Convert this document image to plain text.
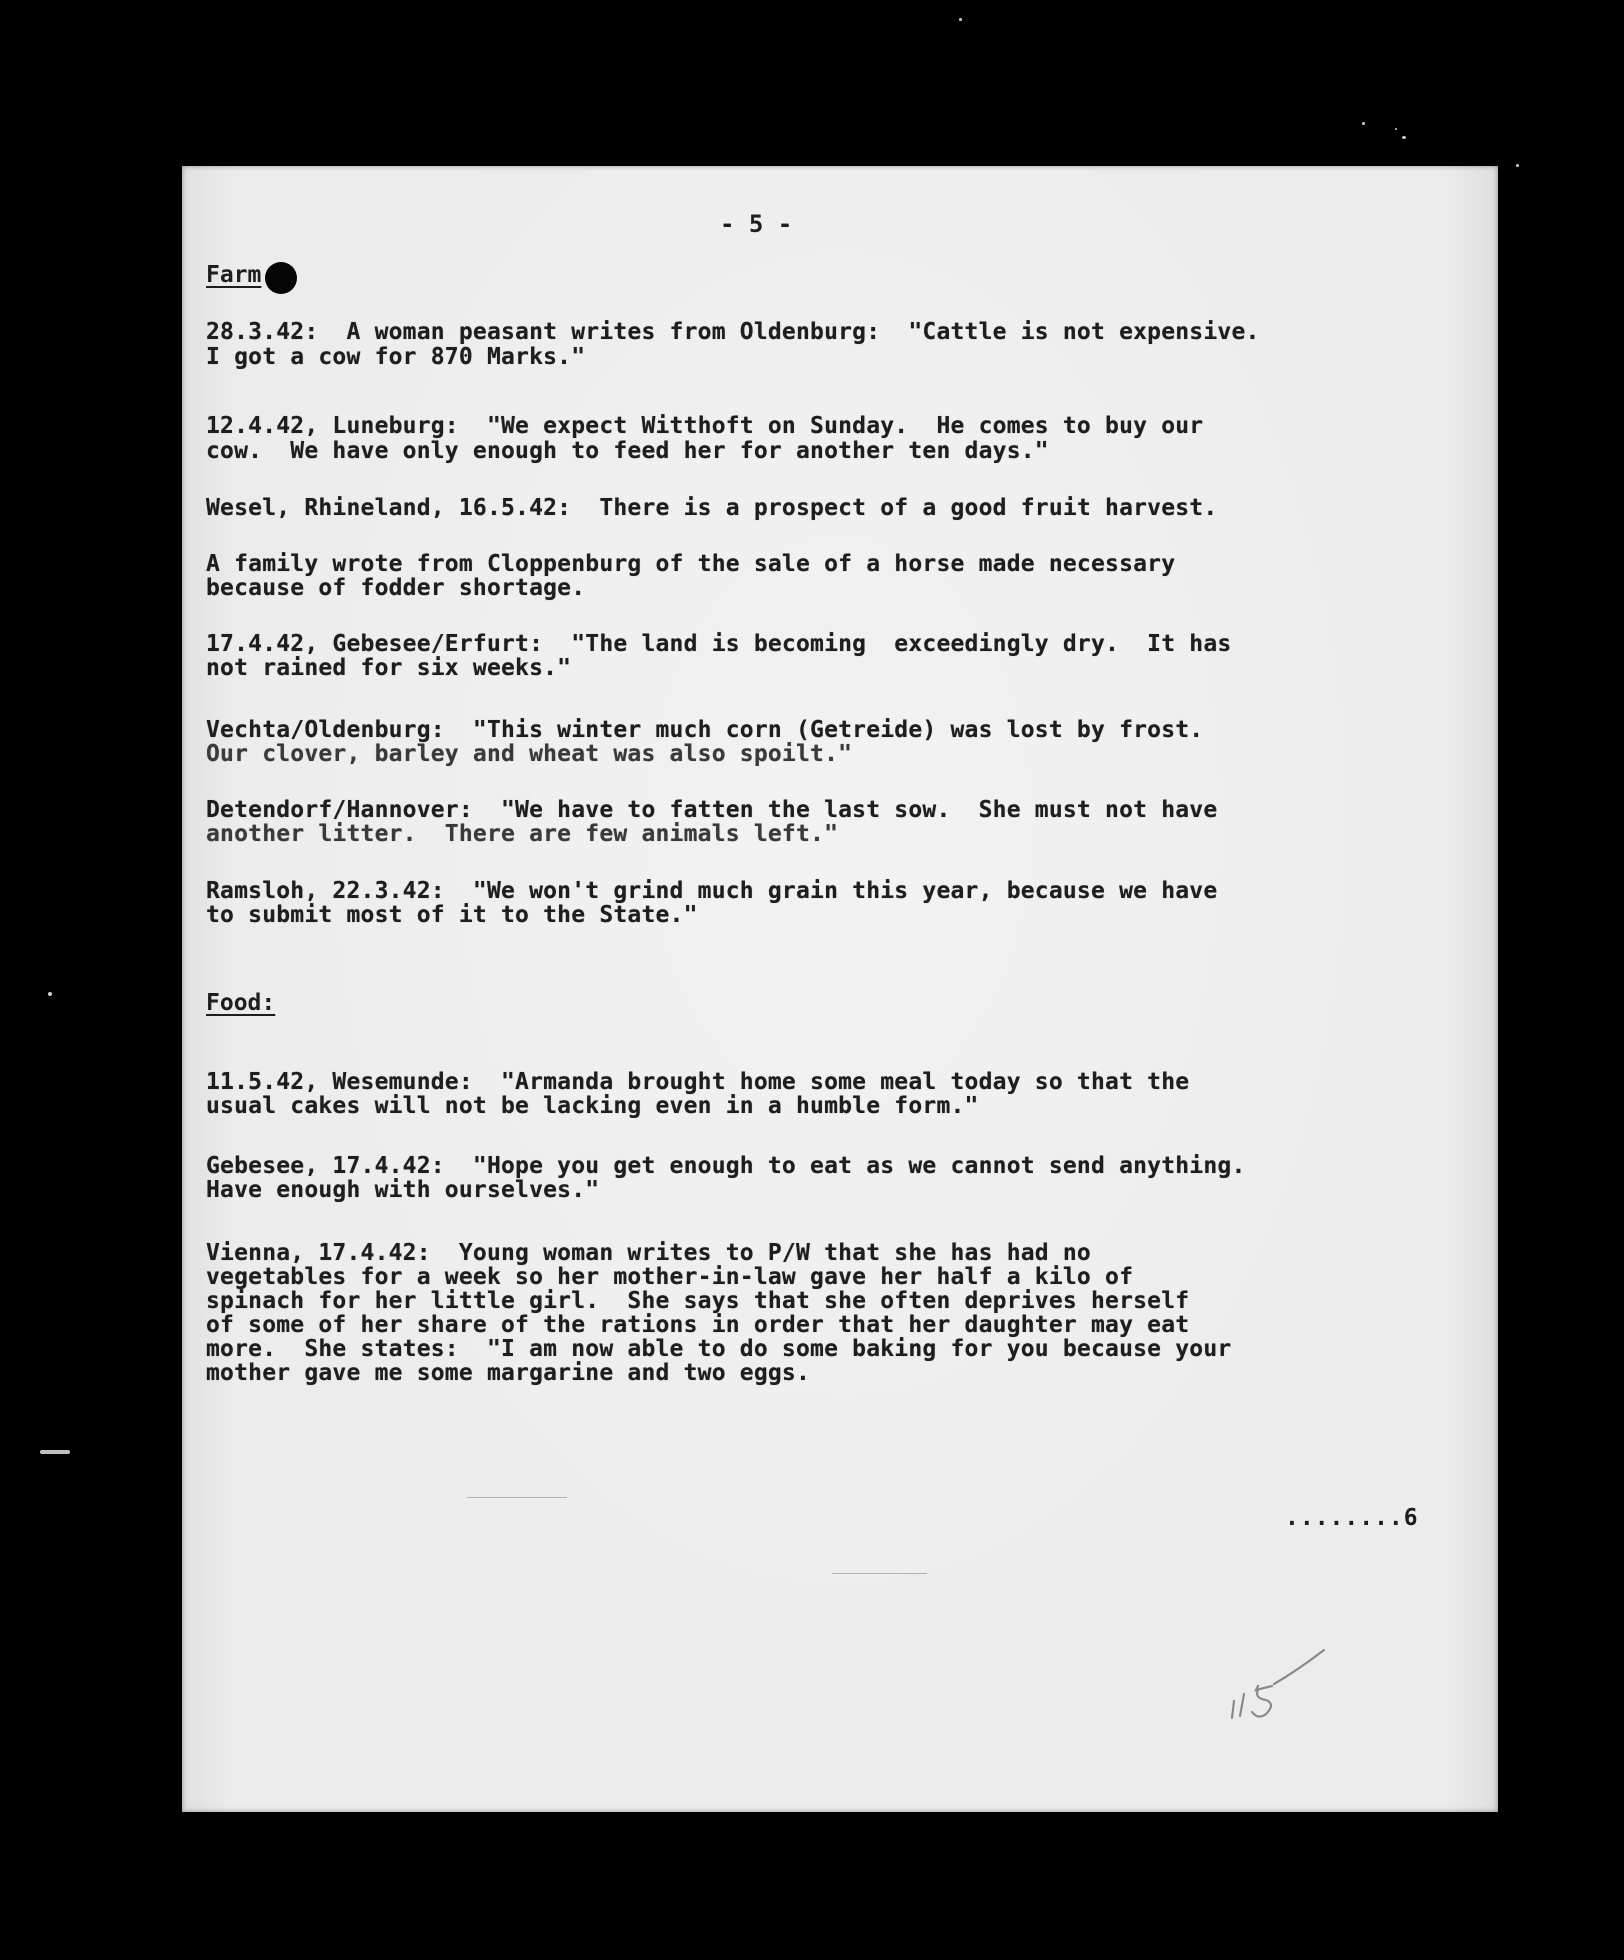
- 5 -
Farm
28.3.42:  A woman peasant writes from Oldenburg:  "Cattle is not expensive.
I got a cow for 870 Marks."
12.4.42, Luneburg:  "We expect Witthoft on Sunday.  He comes to buy our
cow.  We have only enough to feed her for another ten days."
Wesel, Rhineland, 16.5.42:  There is a prospect of a good fruit harvest.
A family wrote from Cloppenburg of the sale of a horse made necessary
because of fodder shortage.
17.4.42, Gebesee/Erfurt:  "The land is becoming  exceedingly dry.  It has
not rained for six weeks."
Vechta/Oldenburg:  "This winter much corn (Getreide) was lost by frost.
Our clover, barley and wheat was also spoilt."
Detendorf/Hannover:  "We have to fatten the last sow.  She must not have
another litter.  There are few animals left."
Ramsloh, 22.3.42:  "We won't grind much grain this year, because we have
to submit most of it to the State."
Food:
11.5.42, Wesemunde:  "Armanda brought home some meal today so that the
usual cakes will not be lacking even in a humble form."
Gebesee, 17.4.42:  "Hope you get enough to eat as we cannot send anything.
Have enough with ourselves."
Vienna, 17.4.42:  Young woman writes to P/W that she has had no
vegetables for a week so her mother-in-law gave her half a kilo of
spinach for her little girl.  She says that she often deprives herself
of some of her share of the rations in order that her daughter may eat
more.  She states:  "I am now able to do some baking for you because your
mother gave me some margarine and two eggs.
........6
